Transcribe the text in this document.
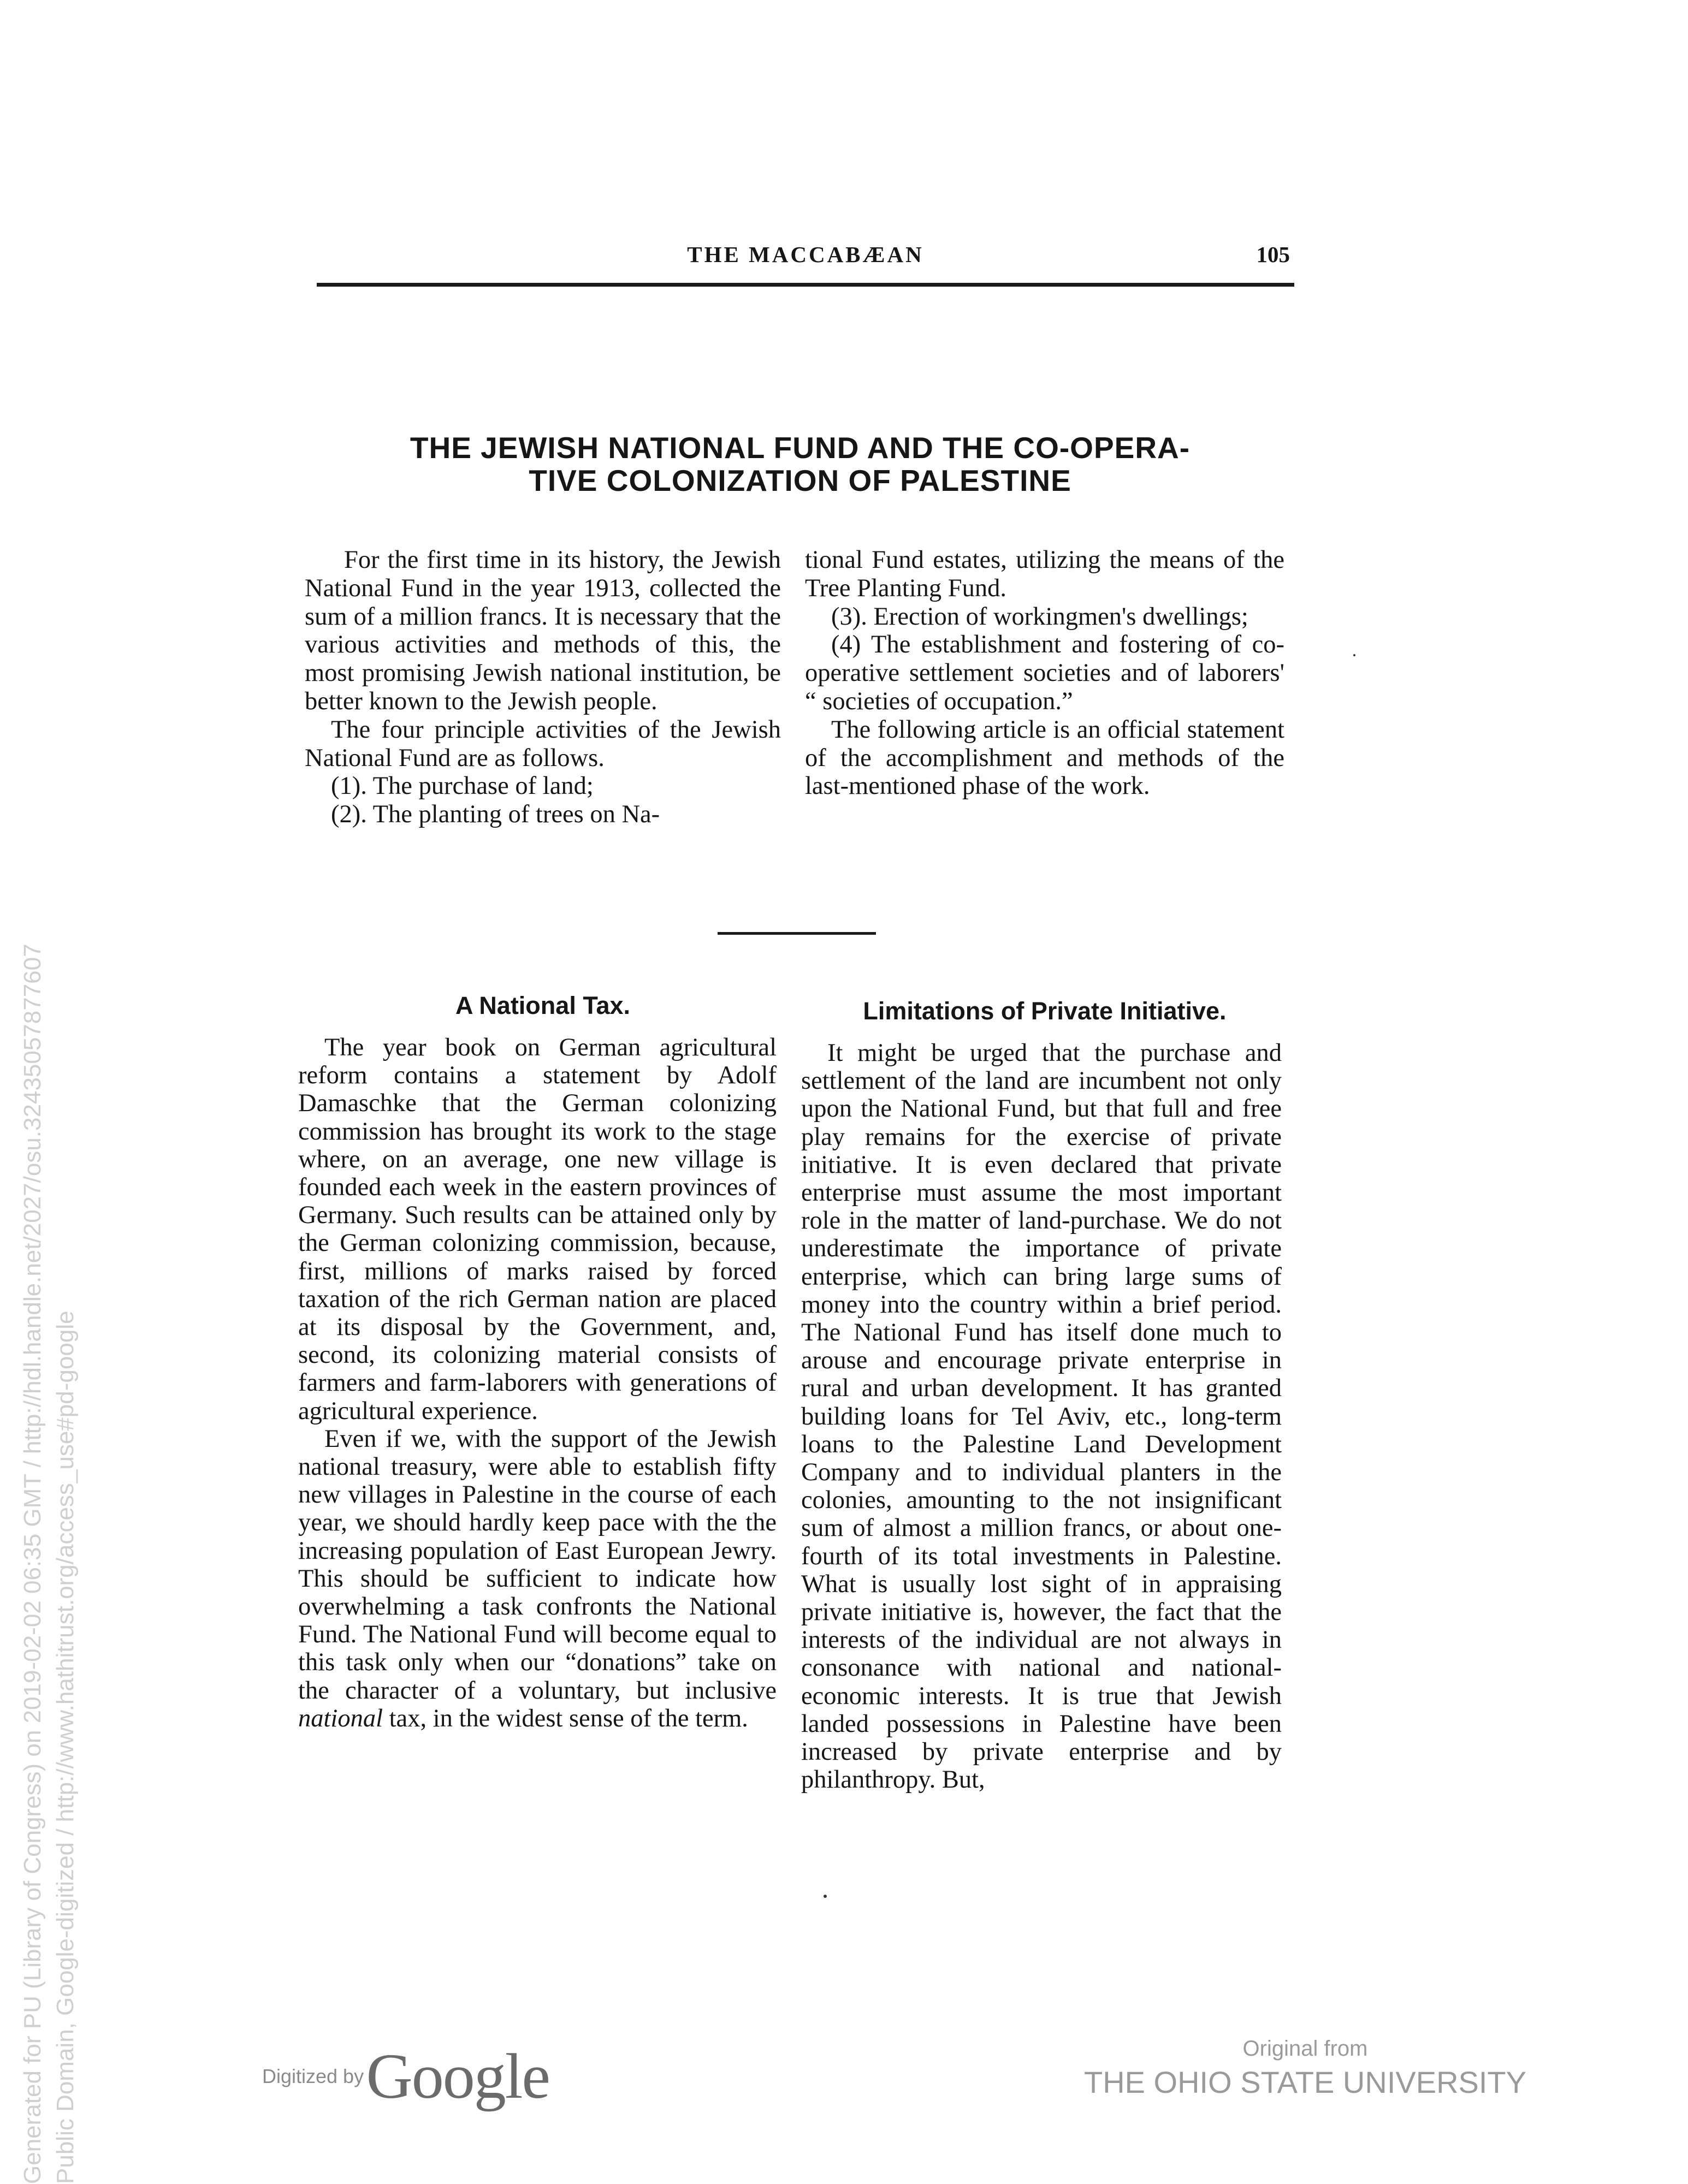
THE MACCABÆAN	105
THE JEWISH NATIONAL FUND AND THE CO-OPERA-
TIVE COLONIZATION OF PALESTINE

For the first time in its history, the Jewish National Fund in the year 1913, collected the sum of a million francs. It is necessary that the various activities and methods of this, the most promising Jewish national institution, be better known to the Jewish people.

The four principle activities of the Jewish National Fund are as follows.

(1). The purchase of land;

(2). The planting of trees on Na-

tional Fund estates, utilizing the means of the Tree Planting Fund.

(3). Erection of workingmen's dwellings;

(4) The establishment and fostering of co-operative settlement societies and of laborers' “ societies of occupation.”

The following article is an official statement of the accomplishment and methods of the last-mentioned phase of the work.

A National Tax.	Limitations of Private Initiative.

The year book on German agricultural reform contains a statement by Adolf Damaschke that the German colonizing commission has brought its work to the stage where, on an average, one new village is founded each week in the eastern provinces of Germany. Such results can be attained only by the German colonizing commission, because, first, millions of marks raised by forced taxation of the rich German nation are placed at its disposal by the Government, and, second, its colonizing material consists of farmers and farm-laborers with generations of agricultural experience.

Even if we, with the support of the Jewish national treasury, were able to establish fifty new villages in Palestine in the course of each year, we should hardly keep pace with the the increasing population of East European Jewry. This should be sufficient to indicate how overwhelming a task confronts the National Fund. The National Fund will become equal to this task only when our “donations” take on the character of a voluntary, but inclusive national tax, in the widest sense of the term.

It might be urged that the purchase and settlement of the land are incumbent not only upon the National Fund, but that full and free play remains for the exercise of private initiative. It is even declared that private enterprise must assume the most important role in the matter of land-purchase. We do not underestimate the importance of private enterprise, which can bring large sums of money into the country within a brief period. The National Fund has itself done much to arouse and encourage private enterprise in rural and urban development. It has granted building loans for Tel Aviv, etc., long-term loans to the Palestine Land Development Company and to individual planters in the colonies, amounting to the not insignificant sum of almost a million francs, or about one-fourth of its total investments in Palestine. What is usually lost sight of in appraising private initiative is, however, the fact that the interests of the individual are not always in consonance with national and national-economic interests. It is true that Jewish landed possessions in Palestine have been increased by private enterprise and by philanthropy. But,

Generated for PU (Library of Congress) on 2019-02-02 06:35 GMT / http://hdl.handle.net/2027/osu.32435057877607 Public Domain, Google-digitized / http://www.hathitrust.org/access_use#pd-google	Digitized by Google	Original from
THE OHIO STATE UNIVERSITY
